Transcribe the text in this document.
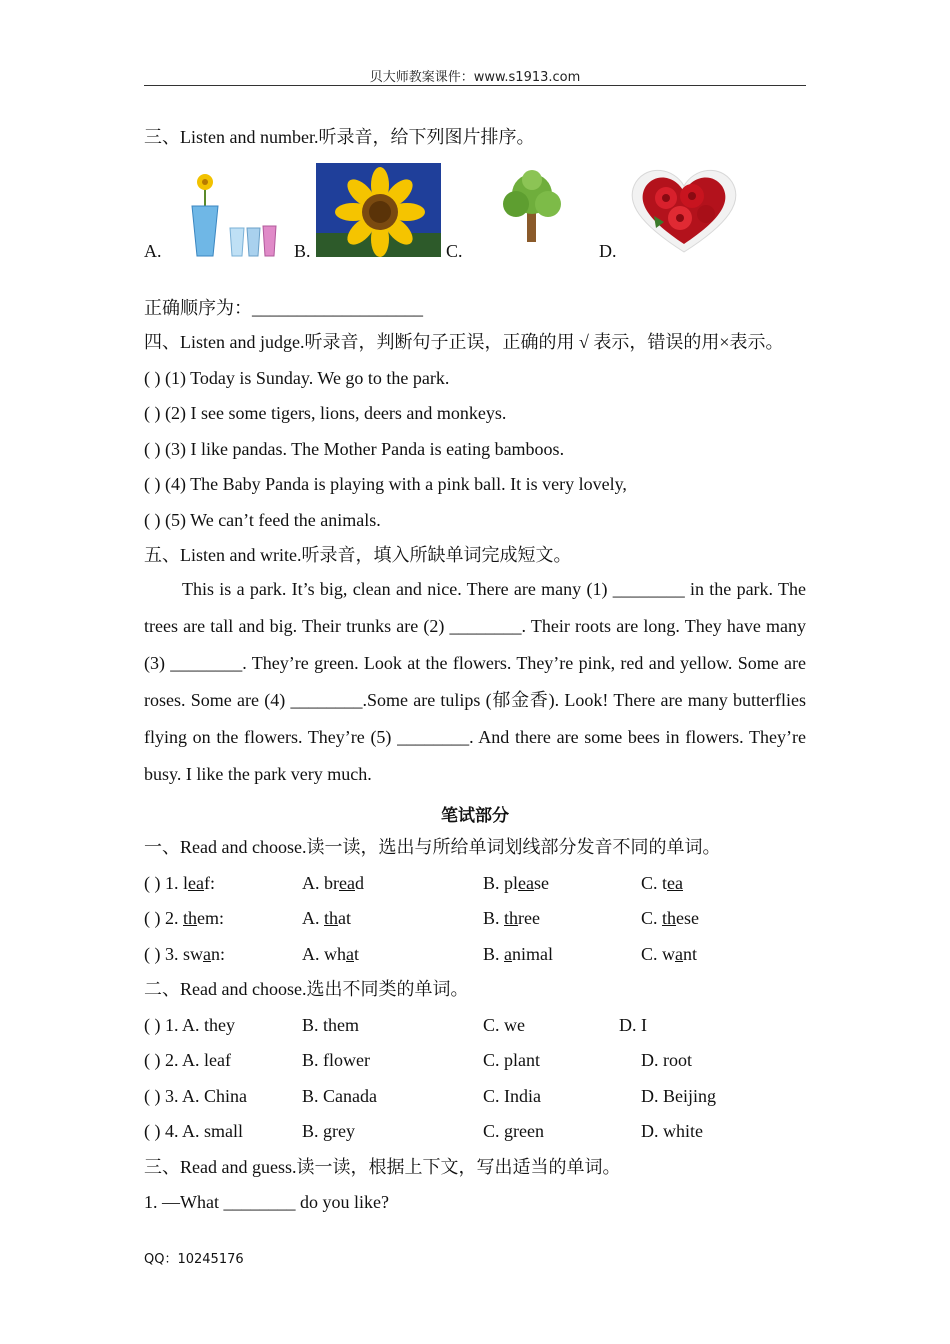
贝大师教案课件：www.s1913.com
三、Listen and number.听录音，给下列图片排序。
A.	B.	C.	D.
正确顺序为：___________________
四、Listen and judge.听录音，判断句子正误，正确的用 √ 表示，错误的用×表示。
( ) (1) Today is Sunday. We go to the park.
( ) (2) I see some tigers, lions, deers and monkeys.
( ) (3) I like pandas. The Mother Panda is eating bamboos.
( ) (4) The Baby Panda is playing with a pink ball. It is very lovely,
( ) (5) We can’t feed the animals.
五、Listen and write.听录音，填入所缺单词完成短文。
This is a park. It’s big, clean and nice. There are many (1) ________ in the park. The trees are tall and big. Their trunks are (2) ________. Their roots are long. They have many (3) ________. They’re green. Look at the flowers. They’re pink, red and yellow. Some are roses. Some are (4) ________.Some are tulips (郁金香). Look! There are many butterflies flying on the flowers. They’re (5) ________. And there are some bees in flowers. They’re busy. I like the park very much.
笔试部分
一、Read and choose.读一读，选出与所给单词划线部分发音不同的单词。
( ) 1. leaf:	A. bread	B. please	C. tea
( ) 2. them:	A. that	B. three	C. these
( ) 3. swan:	A. what	B. animal	C. want
二、Read and choose.选出不同类的单词。
( ) 1. A. they	B. them	C. we	D. I
( ) 2. A. leaf	B. flower	C. plant	D. root
( ) 3. A. China	B. Canada	C. India	D. Beijing
( ) 4. A. small	B. grey	C. green	D. white
三、Read and guess.读一读，根据上下文，写出适当的单词。
1. —What ________ do you like?
QQ：10245176
